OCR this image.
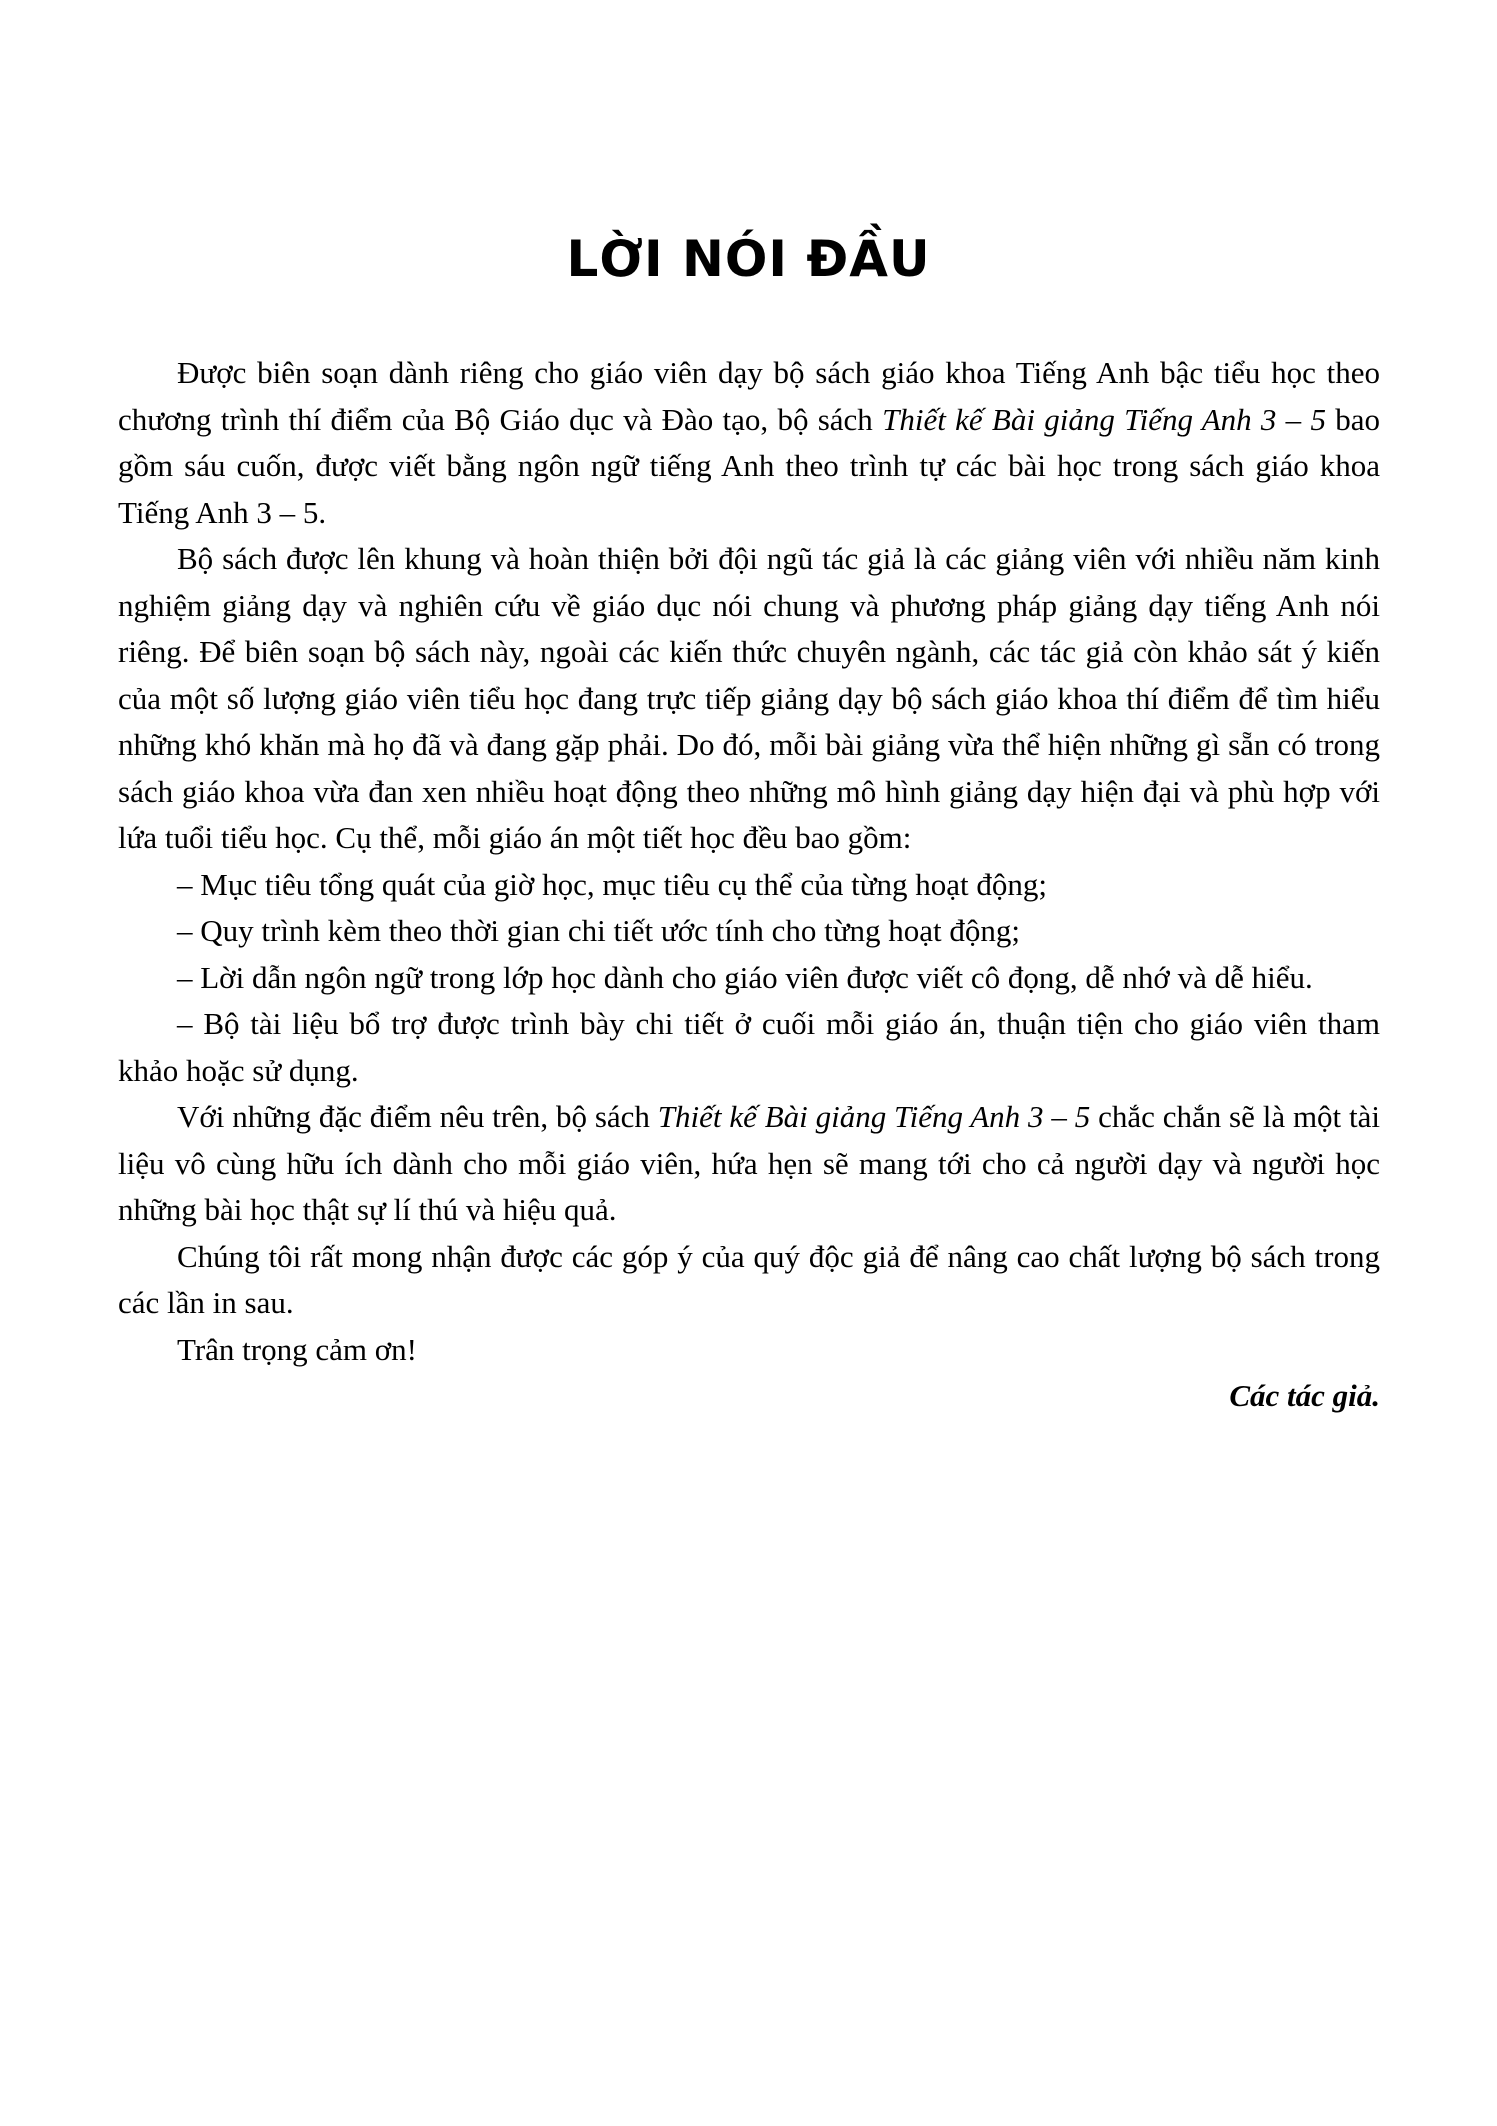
LỜI NÓI ĐẦU

Được biên soạn dành riêng cho giáo viên dạy bộ sách giáo khoa Tiếng Anh bậc tiểu học theo chương trình thí điểm của Bộ Giáo dục và Đào tạo, bộ sách Thiết kế Bài giảng Tiếng Anh 3 – 5 bao gồm sáu cuốn, được viết bằng ngôn ngữ tiếng Anh theo trình tự các bài học trong sách giáo khoa Tiếng Anh 3 – 5.

Bộ sách được lên khung và hoàn thiện bởi đội ngũ tác giả là các giảng viên với nhiều năm kinh nghiệm giảng dạy và nghiên cứu về giáo dục nói chung và phương pháp giảng dạy tiếng Anh nói riêng. Để biên soạn bộ sách này, ngoài các kiến thức chuyên ngành, các tác giả còn khảo sát ý kiến của một số lượng giáo viên tiểu học đang trực tiếp giảng dạy bộ sách giáo khoa thí điểm để tìm hiểu những khó khăn mà họ đã và đang gặp phải. Do đó, mỗi bài giảng vừa thể hiện những gì sẵn có trong sách giáo khoa vừa đan xen nhiều hoạt động theo những mô hình giảng dạy hiện đại và phù hợp với lứa tuổi tiểu học. Cụ thể, mỗi giáo án một tiết học đều bao gồm:

– Mục tiêu tổng quát của giờ học, mục tiêu cụ thể của từng hoạt động;

– Quy trình kèm theo thời gian chi tiết ước tính cho từng hoạt động;

– Lời dẫn ngôn ngữ trong lớp học dành cho giáo viên được viết cô đọng, dễ nhớ và dễ hiểu.

– Bộ tài liệu bổ trợ được trình bày chi tiết ở cuối mỗi giáo án, thuận tiện cho giáo viên tham khảo hoặc sử dụng.

Với những đặc điểm nêu trên, bộ sách Thiết kế Bài giảng Tiếng Anh 3 – 5 chắc chắn sẽ là một tài liệu vô cùng hữu ích dành cho mỗi giáo viên, hứa hẹn sẽ mang tới cho cả người dạy và người học những bài học thật sự lí thú và hiệu quả.

Chúng tôi rất mong nhận được các góp ý của quý độc giả để nâng cao chất lượng bộ sách trong các lần in sau.

Trân trọng cảm ơn!

Các tác giả.
